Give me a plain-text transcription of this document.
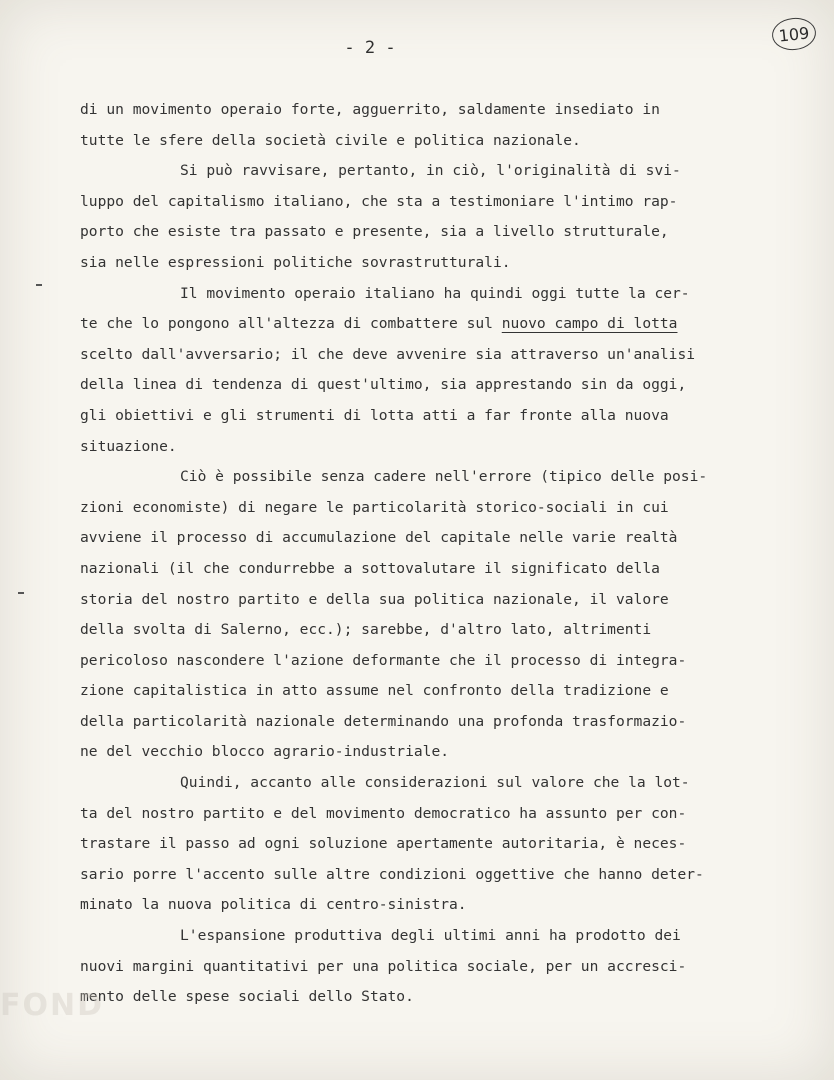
- 2 -
109
di un movimento operaio forte, agguerrito, saldamente insediato in
tutte le sfere della società civile e politica nazionale.
Si può ravvisare, pertanto, in ciò, l'originalità di svi-
luppo del capitalismo italiano, che sta a testimoniare l'intimo rap-
porto che esiste tra passato e presente, sia a livello strutturale,
sia nelle espressioni politiche sovrastrutturali.
Il movimento operaio italiano ha quindi oggi tutte la cer-
te che lo pongono all'altezza di combattere sul nuovo campo di lotta
scelto dall'avversario; il che deve avvenire sia attraverso un'analisi
della linea di tendenza di quest'ultimo, sia apprestando sin da oggi,
gli obiettivi e gli strumenti di lotta atti a far fronte alla nuova
situazione.
Ciò è possibile senza cadere nell'errore (tipico delle posi-
zioni economiste) di negare le particolarità storico-sociali in cui
avviene il processo di accumulazione del capitale nelle varie realtà
nazionali (il che condurrebbe a sottovalutare il significato della
storia del nostro partito e della sua politica nazionale, il valore
della svolta di Salerno, ecc.); sarebbe, d'altro lato, altrimenti
pericoloso nascondere l'azione deformante che il processo di integra-
zione capitalistica in atto assume nel confronto della tradizione e
della particolarità nazionale determinando una profonda trasformazio-
ne del vecchio blocco agrario-industriale.
Quindi, accanto alle considerazioni sul valore che la lot-
ta del nostro partito e del movimento democratico ha assunto per con-
trastare il passo ad ogni soluzione apertamente autoritaria, è neces-
sario porre l'accento sulle altre condizioni oggettive che hanno deter-
minato la nuova politica di centro-sinistra.
L'espansione produttiva degli ultimi anni ha prodotto dei
nuovi margini quantitativi per una politica sociale, per un accresci-
mento delle spese sociali dello Stato.
FOND
